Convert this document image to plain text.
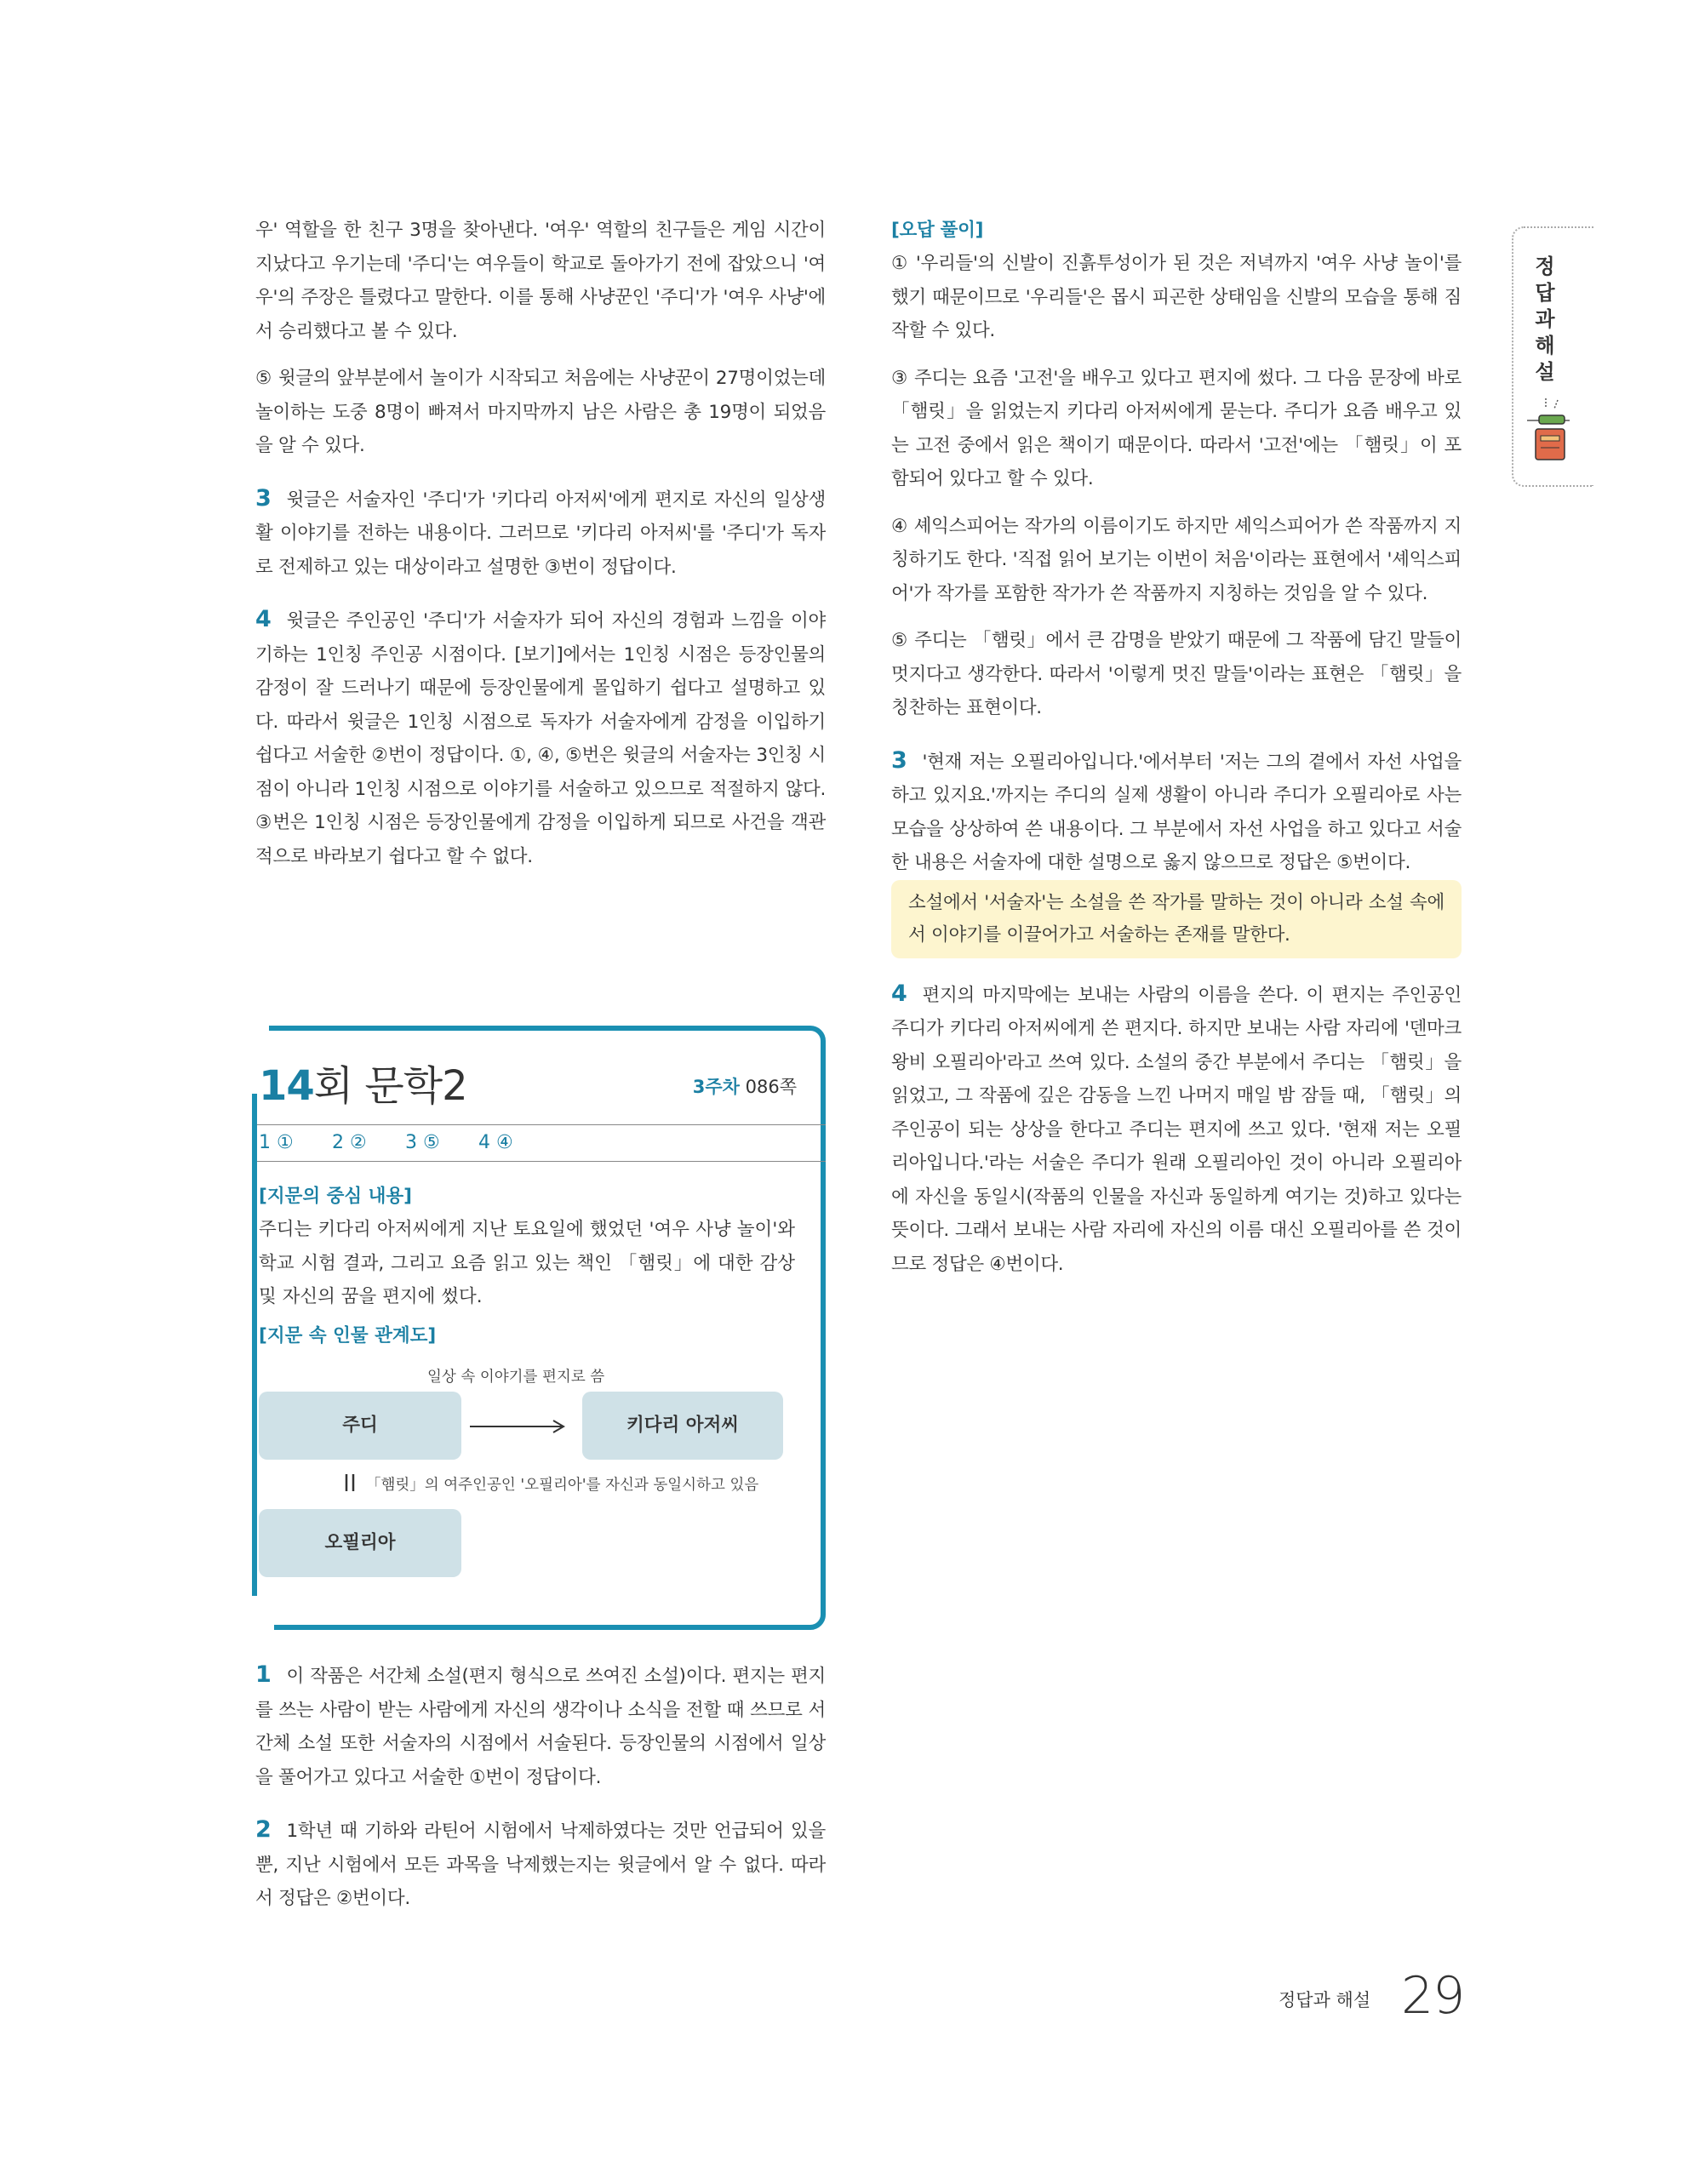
우' 역할을 한 친구 3명을 찾아낸다. '여우' 역할의 친구들은 게임 시간이 지났다고 우기는데 '주디'는 여우들이 학교로 돌아가기 전에 잡았으니 '여우'의 주장은 틀렸다고 말한다. 이를 통해 사냥꾼인 '주디'가 '여우 사냥'에서 승리했다고 볼 수 있다.

⑤ 윗글의 앞부분에서 놀이가 시작되고 처음에는 사냥꾼이 27명이었는데 놀이하는 도중 8명이 빠져서 마지막까지 남은 사람은 총 19명이 되었음을 알 수 있다.

3 윗글은 서술자인 '주디'가 '키다리 아저씨'에게 편지로 자신의 일상생활 이야기를 전하는 내용이다. 그러므로 '키다리 아저씨'를 '주디'가 독자로 전제하고 있는 대상이라고 설명한 ③번이 정답이다.

4 윗글은 주인공인 '주디'가 서술자가 되어 자신의 경험과 느낌을 이야기하는 1인칭 주인공 시점이다. [보기]에서는 1인칭 시점은 등장인물의 감정이 잘 드러나기 때문에 등장인물에게 몰입하기 쉽다고 설명하고 있다. 따라서 윗글은 1인칭 시점으로 독자가 서술자에게 감정을 이입하기 쉽다고 서술한 ②번이 정답이다. ①, ④, ⑤번은 윗글의 서술자는 3인칭 시점이 아니라 1인칭 시점으로 이야기를 서술하고 있으므로 적절하지 않다. ③번은 1인칭 시점은 등장인물에게 감정을 이입하게 되므로 사건을 객관적으로 바라보기 쉽다고 할 수 없다.

14회 문학2	3주차 086쪽
1 ① 2 ② 3 ⑤ 4 ④

[지문의 중심 내용]

주디는 키다리 아저씨에게 지난 토요일에 했었던 '여우 사냥 놀이'와 학교 시험 결과, 그리고 요즘 읽고 있는 책인 「햄릿」에 대한 감상 및 자신의 꿈을 편지에 썼다.

[지문 속 인물 관계도]

일상 속 이야기를 편지로 씀
주디	키다리 아저씨
「햄릿」의 여주인공인 '오필리아'를 자신과 동일시하고 있음
오필리아

1 이 작품은 서간체 소설(편지 형식으로 쓰여진 소설)이다. 편지는 편지를 쓰는 사람이 받는 사람에게 자신의 생각이나 소식을 전할 때 쓰므로 서간체 소설 또한 서술자의 시점에서 서술된다. 등장인물의 시점에서 일상을 풀어가고 있다고 서술한 ①번이 정답이다.

2 1학년 때 기하와 라틴어 시험에서 낙제하였다는 것만 언급되어 있을 뿐, 지난 시험에서 모든 과목을 낙제했는지는 윗글에서 알 수 없다. 따라서 정답은 ②번이다.

[오답 풀이]

① '우리들'의 신발이 진흙투성이가 된 것은 저녁까지 '여우 사냥 놀이'를 했기 때문이므로 '우리들'은 몹시 피곤한 상태임을 신발의 모습을 통해 짐작할 수 있다.

③ 주디는 요즘 '고전'을 배우고 있다고 편지에 썼다. 그 다음 문장에 바로 「햄릿」을 읽었는지 키다리 아저씨에게 묻는다. 주디가 요즘 배우고 있는 고전 중에서 읽은 책이기 때문이다. 따라서 '고전'에는 「햄릿」이 포함되어 있다고 할 수 있다.

④ 셰익스피어는 작가의 이름이기도 하지만 셰익스피어가 쓴 작품까지 지칭하기도 한다. '직접 읽어 보기는 이번이 처음'이라는 표현에서 '셰익스피어'가 작가를 포함한 작가가 쓴 작품까지 지칭하는 것임을 알 수 있다.

⑤ 주디는 「햄릿」에서 큰 감명을 받았기 때문에 그 작품에 담긴 말들이 멋지다고 생각한다. 따라서 '이렇게 멋진 말들'이라는 표현은 「햄릿」을 칭찬하는 표현이다.

3 '현재 저는 오필리아입니다.'에서부터 '저는 그의 곁에서 자선 사업을 하고 있지요.'까지는 주디의 실제 생활이 아니라 주디가 오필리아로 사는 모습을 상상하여 쓴 내용이다. 그 부분에서 자선 사업을 하고 있다고 서술한 내용은 서술자에 대한 설명으로 옳지 않으므로 정답은 ⑤번이다.

소설에서 '서술자'는 소설을 쓴 작가를 말하는 것이 아니라 소설 속에서 이야기를 이끌어가고 서술하는 존재를 말한다.

4 편지의 마지막에는 보내는 사람의 이름을 쓴다. 이 편지는 주인공인 주디가 키다리 아저씨에게 쓴 편지다. 하지만 보내는 사람 자리에 '덴마크 왕비 오필리아'라고 쓰여 있다. 소설의 중간 부분에서 주디는 「햄릿」을 읽었고, 그 작품에 깊은 감동을 느낀 나머지 매일 밤 잠들 때, 「햄릿」의 주인공이 되는 상상을 한다고 주디는 편지에 쓰고 있다. '현재 저는 오필리아입니다.'라는 서술은 주디가 원래 오필리아인 것이 아니라 오필리아에 자신을 동일시(작품의 인물을 자신과 동일하게 여기는 것)하고 있다는 뜻이다. 그래서 보내는 사람 자리에 자신의 이름 대신 오필리아를 쓴 것이므로 정답은 ④번이다.

정
답
과
해
설
정답과 해설 29
